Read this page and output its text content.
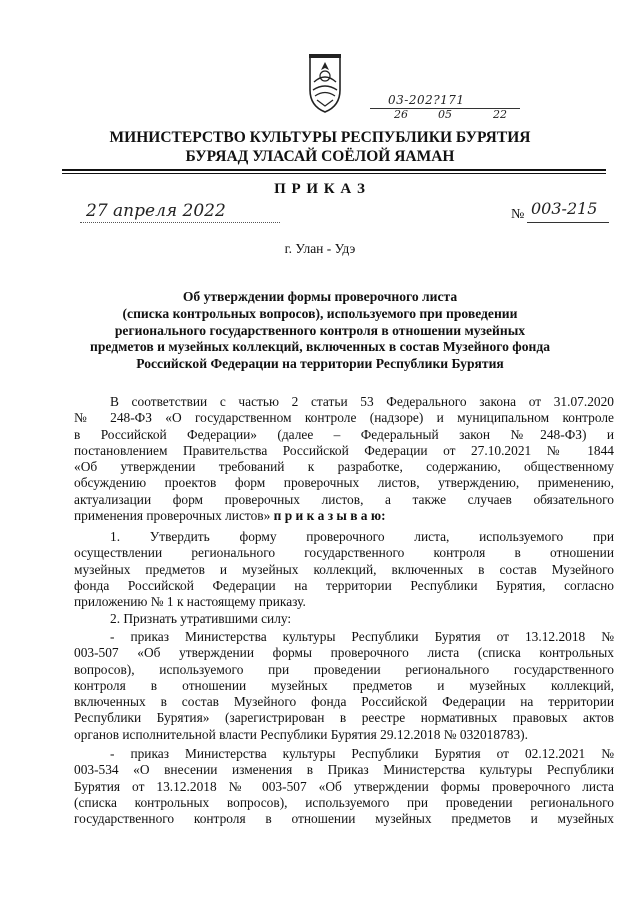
03-202?171
26	05	22
МИНИСТЕРСТВО КУЛЬТУРЫ РЕСПУБЛИКИ БУРЯТИЯ
БУРЯАД УЛАСАЙ СОЁЛОЙ ЯАМАН
П Р И К А З
27 апреля 2022	№ 003-215
г. Улан - Удэ
Об утверждении формы проверочного листа
(списка контрольных вопросов), используемого при проведении
регионального государственного контроля в отношении музейных
предметов и музейных коллекций, включенных в состав Музейного фонда
Российской Федерации на территории Республики Бурятия
В соответствии с частью 2 статьи 53 Федерального закона от 31.07.2020
№ 248-ФЗ «О государственном контроле (надзоре) и муниципальном контроле
в Российской Федерации» (далее – Федеральный закон №248-ФЗ) и
постановлением Правительства Российской Федерации от 27.10.2021 № 1844
«Об утверждении требований к разработке, содержанию, общественному
обсуждению проектов форм проверочных листов, утверждению, применению,
актуализации форм проверочных листов, а также случаев обязательного
применения проверочных листов» п р и к а з ы в а ю:
1.     Утвердить     форму     проверочного     листа,     используемого     при
осуществлении регионального государственного контроля в отношении
музейных предметов и музейных коллекций, включенных в состав Музейного
фонда Российской Федерации на территории Республики Бурятия, согласно
приложению № 1 к настоящему приказу.
2. Признать утратившими силу:
- приказ Министерства культуры Республики Бурятия от 13.12.2018 №
003-507 «Об утверждении формы проверочного листа (списка контрольных
вопросов), используемого при проведении регионального государственного
контроля в отношении музейных предметов и музейных коллекций,
включенных в состав Музейного фонда Российской Федерации на территории
Республики Бурятия» (зарегистрирован в реестре нормативных правовых актов
органов исполнительной власти Республики Бурятия 29.12.2018 № 032018783).
- приказ Министерства культуры Республики Бурятия от 02.12.2021 №
003-534 «О внесении изменения в Приказ Министерства культуры Республики
Бурятия от 13.12.2018 № 003-507 «Об утверждении формы проверочного листа
(списка контрольных вопросов), используемого при проведении регионального
государственного контроля в отношении музейных предметов и музейных
